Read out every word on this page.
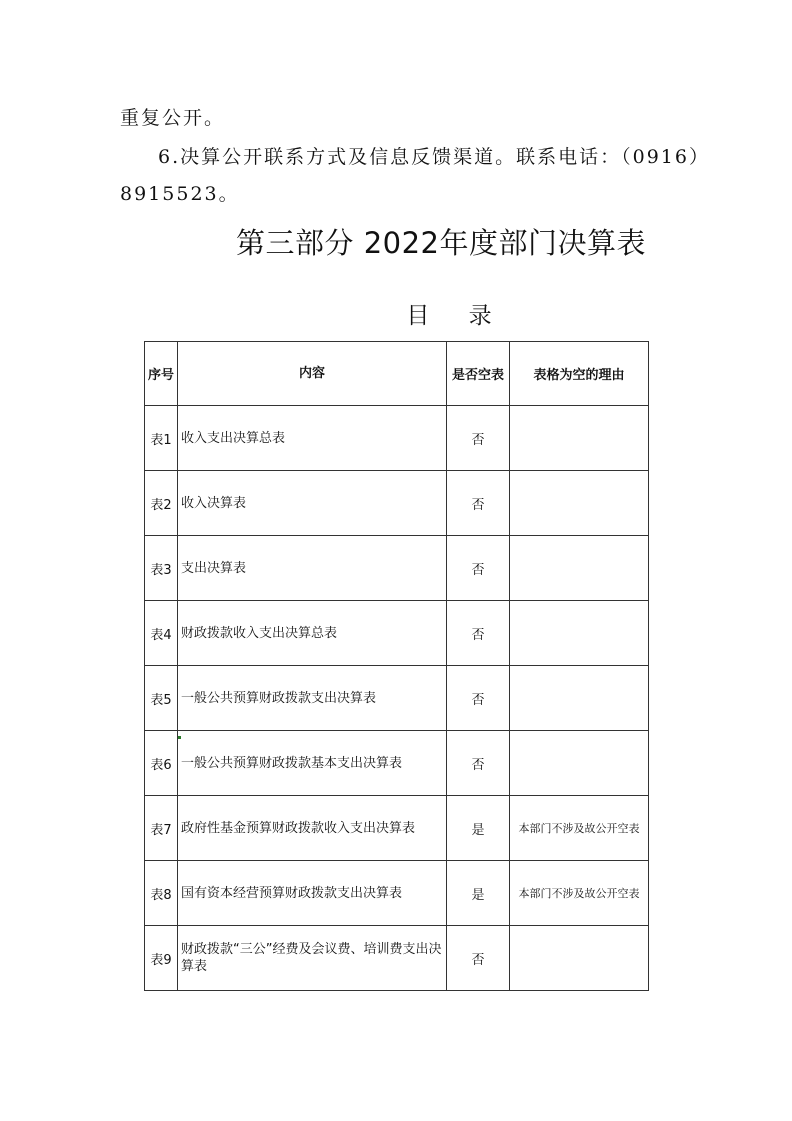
重复公开。
6.决算公开联系方式及信息反馈渠道。联系电话：（0916）
8915523。
第三部分 2022年度部门决算表
目 录
序号	内容	是否空表	表格为空的理由
表1	收入支出决算总表	否	
表2	收入决算表	否	
表3	支出决算表	否	
表4	财政拨款收入支出决算总表	否	
表5	一般公共预算财政拨款支出决算表	否	
表6	一般公共预算财政拨款基本支出决算表	否	
表7	政府性基金预算财政拨款收入支出决算表	是	本部门不涉及故公开空表
表8	国有资本经营预算财政拨款支出决算表	是	本部门不涉及故公开空表
表9	财政拨款“三公”经费及会议费、培训费支出决算表	否	
